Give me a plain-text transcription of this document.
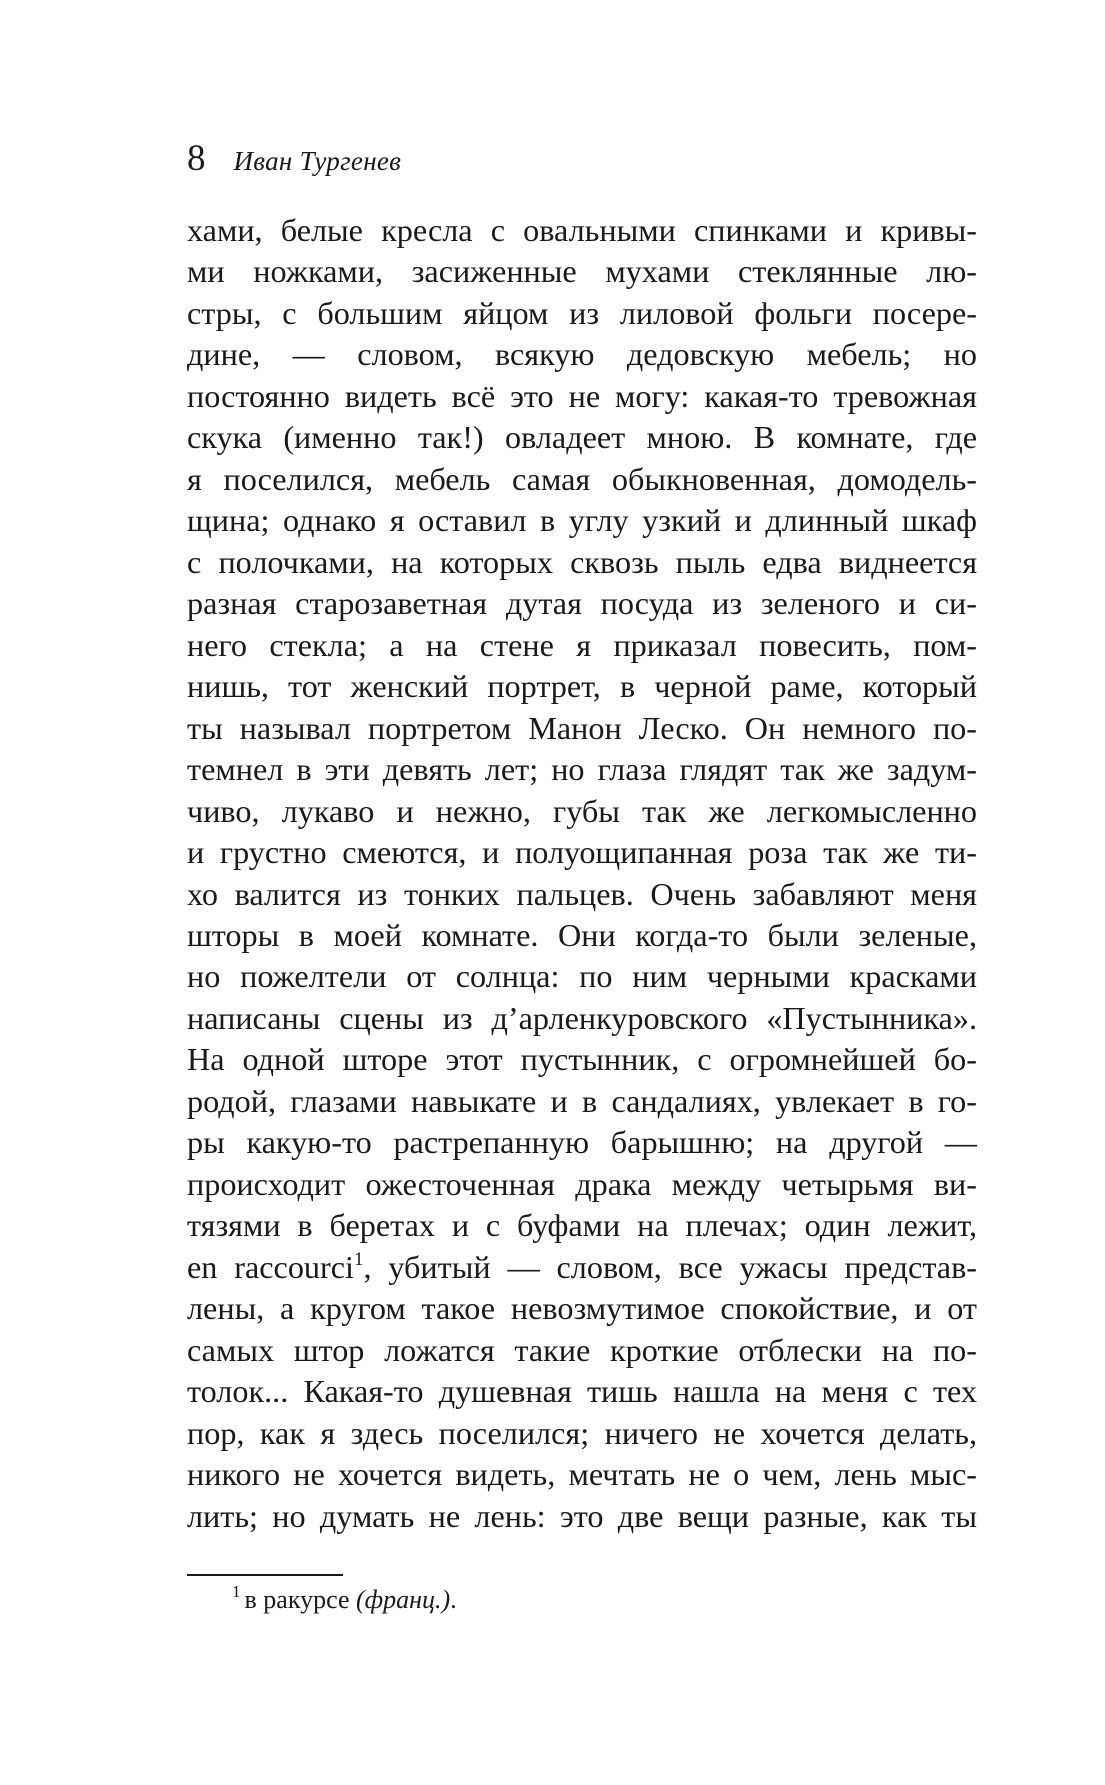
8 Иван Тургенев
хами, белые кресла с овальными спинками и кривы-
ми ножками, засиженные мухами стеклянные лю-
стры, с большим яйцом из лиловой фольги посере-
дине, — словом, всякую дедовскую мебель; но
постоянно видеть всё это не могу: какая-то тревожная
скука (именно так!) овладеет мною. В комнате, где
я поселился, мебель самая обыкновенная, домодель-
щина; однако я оставил в углу узкий и длинный шкаф
с полочками, на которых сквозь пыль едва виднеется
разная старозаветная дутая посуда из зеленого и си-
него стекла; а на стене я приказал повесить, пом-
нишь, тот женский портрет, в черной раме, который
ты называл портретом Манон Леско. Он немного по-
темнел в эти девять лет; но глаза глядят так же задум-
чиво, лукаво и нежно, губы так же легкомысленно
и грустно смеются, и полуощипанная роза так же ти-
хо валится из тонких пальцев. Очень забавляют меня
шторы в моей комнате. Они когда-то были зеленые,
но пожелтели от солнца: по ним черными красками
написаны сцены из д’арленкуровского «Пустынника».
На одной шторе этот пустынник, с огромнейшей бо-
родой, глазами навыкате и в сандалиях, увлекает в го-
ры какую-то растрепанную барышню; на другой —
происходит ожесточенная драка между четырьмя ви-
тязями в беретах и с буфами на плечах; один лежит,
en raccourci$^1$, убитый — словом, все ужасы представ-
лены, а кругом такое невозмутимое спокойствие, и от
самых штор ложатся такие кроткие отблески на по-
толок... Какая-то душевная тишь нашла на меня с тех
пор, как я здесь поселился; ничего не хочется делать,
никого не хочется видеть, мечтать не о чем, лень мыс-
лить; но думать не лень: это две вещи разные, как ты
$^1$ в ракурсе (франц.).
